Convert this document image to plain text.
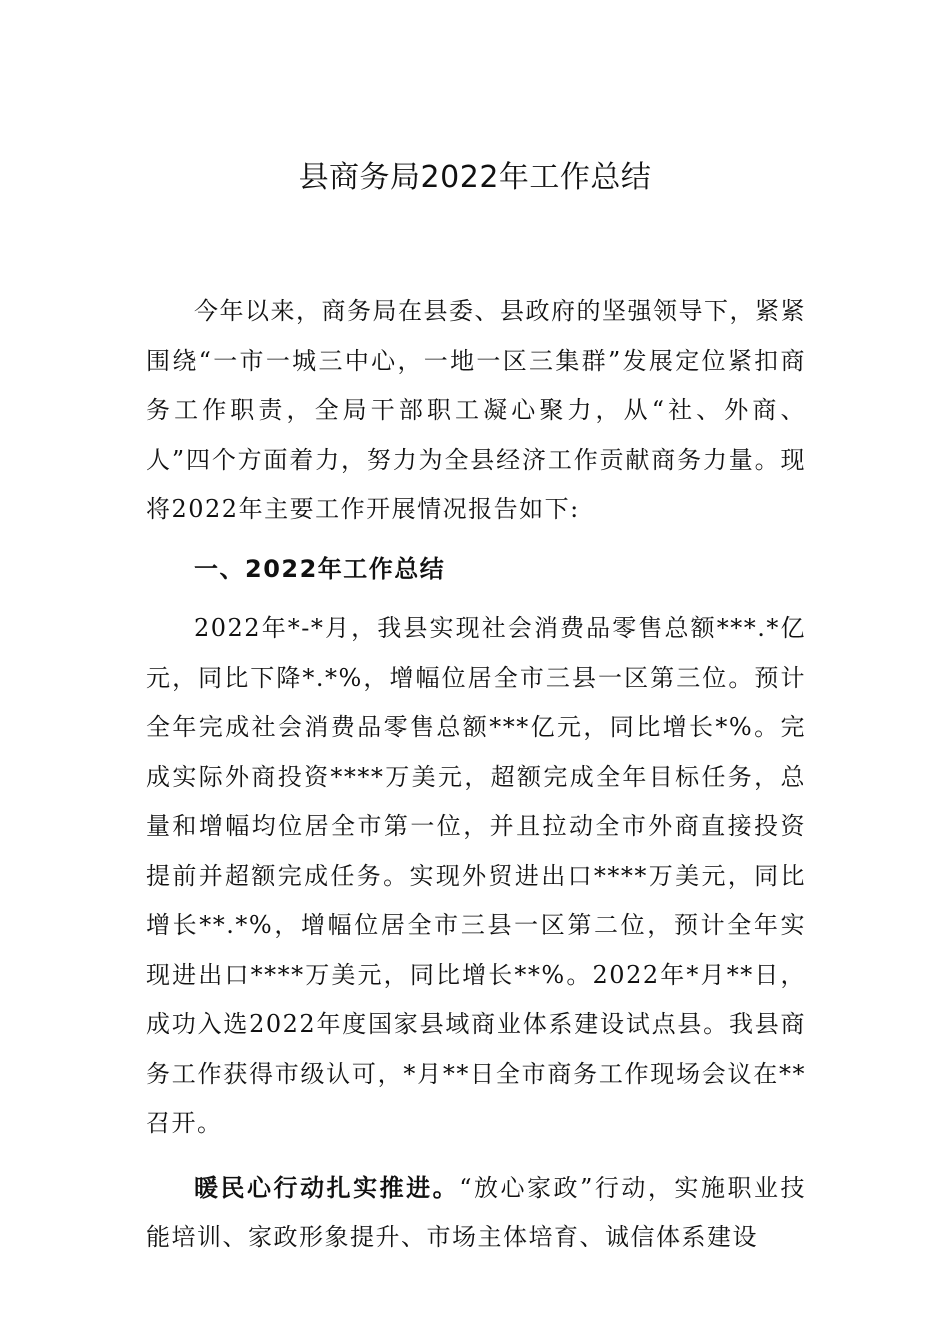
县商务局2022年工作总结

今年以来，商务局在县委、县政府的坚强领导下，紧紧围绕“一市一城三中心，一地一区三集群”发展定位紧扣商务工作职责，全局干部职工凝心聚力，从“社、外商、人”四个方面着力，努力为全县经济工作贡献商务力量。现将2022年主要工作开展情况报告如下:

一、2022年工作总结

2022年*-*月，我县实现社会消费品零售总额***.*亿元，同比下降*.*%，增幅位居全市三县一区第三位。预计全年完成社会消费品零售总额***亿元，同比增长*%。完成实际外商投资****万美元，超额完成全年目标任务，总量和增幅均位居全市第一位，并且拉动全市外商直接投资提前并超额完成任务。实现外贸进出口****万美元，同比增长**.*%，增幅位居全市三县一区第二位，预计全年实现进出口****万美元，同比增长**%。2022年*月**日，成功入选2022年度国家县域商业体系建设试点县。我县商务工作获得市级认可，*月**日全市商务工作现场会议在**召开。

暖民心行动扎实推进。“放心家政”行动，实施职业技能培训、家政形象提升、市场主体培育、诚信体系建设
